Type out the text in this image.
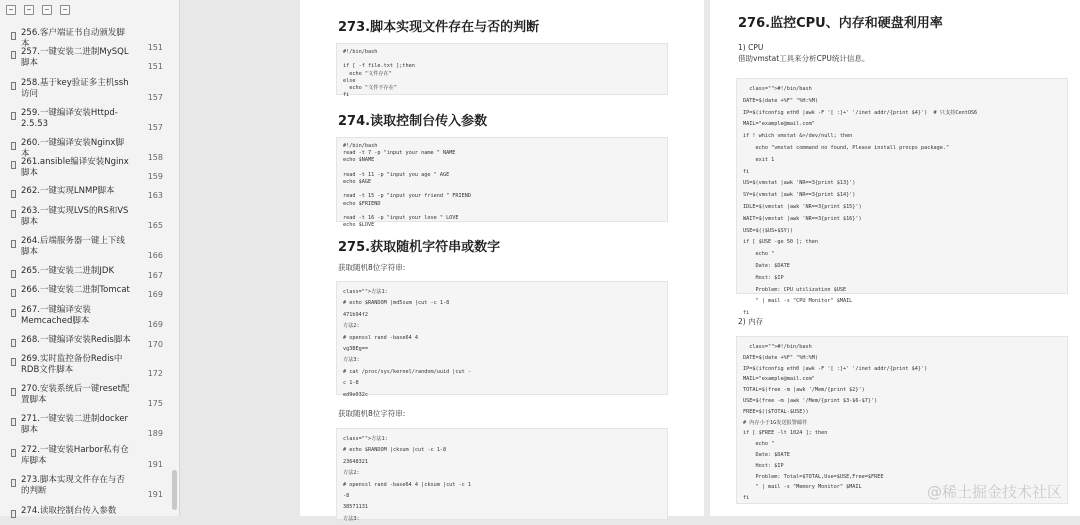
256.客户端证书自动颁发脚本	151
257.一键安装二进制MySQL脚本	151
258.基于key验证多主机ssh访问	157
259.一键编译安装Httpd-2.5.53	157
260.一键编译安装Nginx脚本	158
261.ansible编译安装Nginx脚本	159
262.一键实现LNMP脚本	163
263.一键实现LVS的RS和VS脚本	165
264.后端服务器一键上下线脚本	166
265.一键安装二进制JDK	167
266.一键安装二进制Tomcat 169
267.一键编译安装Memcached脚本	169
268.一键编译安装Redis脚本 170
269.实时监控备份Redis中RDB文件脚本	172
270.安装系统后一键reset配置脚本	175
271.一键安装二进制docker脚本	189
272.一键安装Harbor私有仓库脚本	191
273.脚本实现文件存在与否的判断	191
274.读取控制台传入参数
273.脚本实现文件存在与否的判断
#!/bin/bash

if [ -f file.txt ];then
echo "文件存在"
else
echo "文件不存在"
fi
274.读取控制台传入参数
#!/bin/bash
read -t 7 -p "input your name " NAME
echo $NAME

read -t 11 -p "input you age " AGE
echo $AGE

read -t 15 -p "input your friend " FRIEND
echo $FRIEND

read -t 16 -p "input your love " LOVE
echo $LOVE
275.获取随机字符串或数字
获取随机8位字符串:
class="">方法1:
# echo $RANDOM |md5sum |cut -c 1-8
471b94f2
方法2:
# openssl rand -base64 4
vg3BEg==
方法3:
# cat /proc/sys/kernel/random/uuid |cut -
c 1-8
ed9e032c
获取随机8位字符串:
class="">方法1:
# echo $RANDOM |cksum |cut -c 1-8
23648321
方法2:
# openssl rand -base64 4 |cksum |cut -c 1
-8
38571131
方法3:
276.监控CPU、内存和硬盘利用率
1) CPU
借助vmstat工具来分析CPU统计信息。
class="">#!/bin/bash
DATE=$(date +%F" "%H:%M)
IP=$(ifconfig eth0 |awk -F '[ :]+' '/inet addr/{print $4}')  # 只支持CentOS6
MAIL="example@mail.com"
if ! which vmstat &>/dev/null; then
echo "vmstat command no found, Please install procps package."
exit 1
fi
US=$(vmstat |awk 'NR==3{print $13}')
SY=$(vmstat |awk 'NR==3{print $14}')
IDLE=$(vmstat |awk 'NR==3{print $15}')
WAIT=$(vmstat |awk 'NR==3{print $16}')
USE=$(($US+$SY))
if [ $USE -ge 50 ]; then
echo "
Date: $DATE
Host: $IP
Problem: CPU utilization $USE
" | mail -s "CPU Monitor" $MAIL
fi
2) 内存
class="">#!/bin/bash
DATE=$(date +%F" "%H:%M)
IP=$(ifconfig eth0 |awk -F '[ :]+' '/inet addr/{print $4}')
MAIL="example@mail.com"
TOTAL=$(free -m |awk '/Mem/{print $2}')
USE=$(free -m |awk '/Mem/{print $3-$6-$7}')
FREE=$(($TOTAL-$USE))
# 内存小于1G发送报警邮件
if [ $FREE -lt 1024 ]; then
echo "
Date: $DATE
Host: $IP
Problem: Total=$TOTAL,Use=$USE,Free=$FREE
" | mail -s "Memory Monitor" $MAIL
fi	@稀土掘金技术社区
